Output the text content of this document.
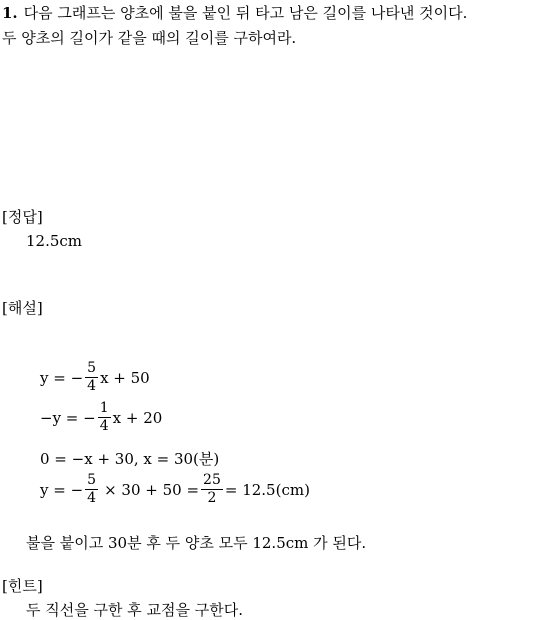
1. 다음 그래프는 양초에 불을 붙인 뒤 타고 남은 길이를 나타낸 것이다.
두 양초의 길이가 같을 때의 길이를 구하여라.
[정답]
12.5cm
[해설]
y = − $\frac{5}{4}$ x + 50
−y = − $\frac{1}{4}$ x + 20
0 = −x + 30, x = 30(분)
y = − $\frac{5}{4} \times 30 + 50 = \frac{25}{2} = 12.5(cm)$
불을 붙이고 30분 후 두 양초 모두 12.5cm 가 된다.
[힌트]
두 직선을 구한 후 교점을 구한다.
